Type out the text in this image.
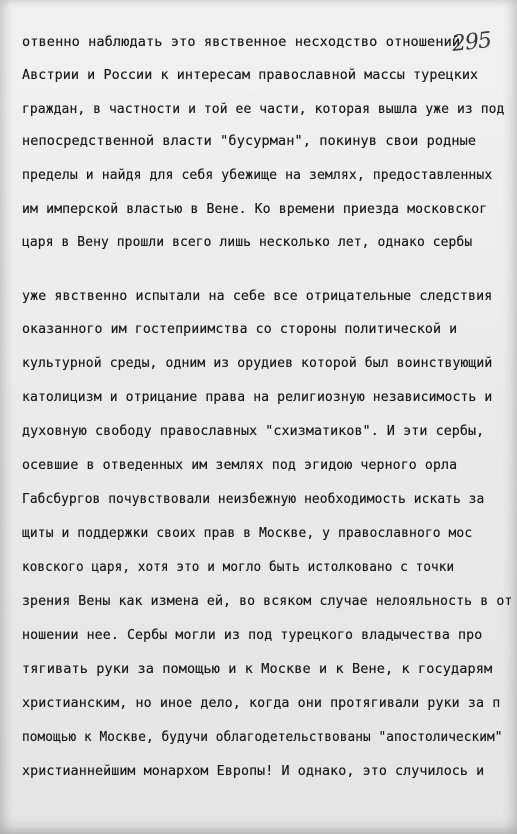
295
отвенно наблюдать это явственное несходство отношений
Австрии и России к интересам православной массы турецких
граждан, в частности и той ее части, которая вышла уже из под
непосредственной власти "бусурман", покинув свои родные
пределы и найдя для себя убежище на землях, предоставленных
им имперской властью в Вене. Ко времени приезда московског
царя в Вену прошли всего лишь несколько лет, однако сербы
уже явственно испытали на себе все отрицательные следствия
оказанного им гостеприимства со стороны политической и
культурной среды, одним из орудиев которой был воинствующий
католицизм и отрицание права на религиозную независимость и
духовную свободу православных "схизматиков". И эти сербы,
осевшие в отведенных им землях под эгидою черного орла
Габсбургов почувствовали неизбежную необходимость искать за
щиты и поддержки своих прав в Москве, у православного мос
ковского царя, хотя это и могло быть истолковано с точки
зрения Вены как измена ей, во всяком случае нелояльность в от
ношении нее. Сербы могли из под турецкого владычества про
тягивать руки за помощью и к Москве и к Вене, к государям
христианским, но иное дело, когда они протягивали руки за п
помощью к Москве, будучи облагодетельствованы "апостолическим"
христианнейшим монархом Европы! И однако, это случилось и
